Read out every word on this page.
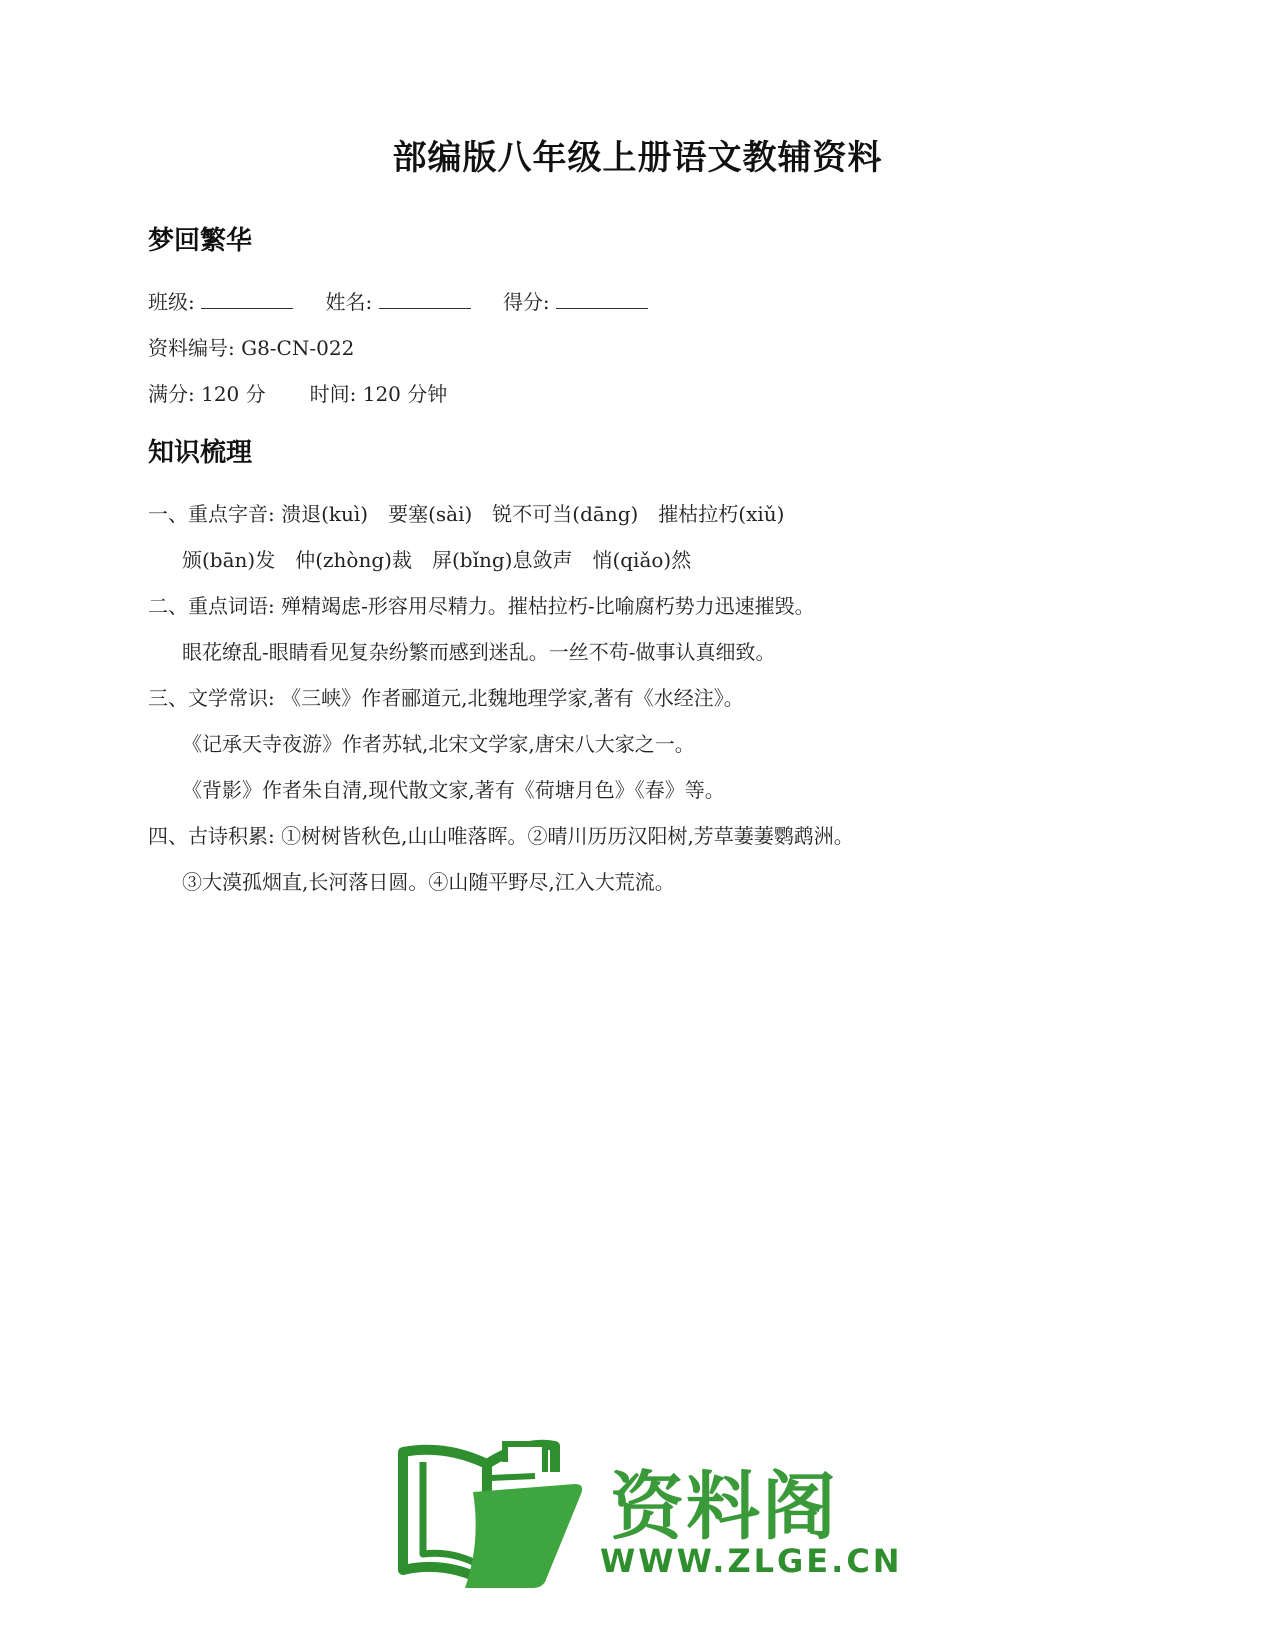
部编版八年级上册语文教辅资料
梦回繁华
班级:	姓名:	得分:
资料编号: G8-CN-022
满分: 120 分 时间: 120 分钟
知识梳理
一、重点字音: 溃退(kuì)　要塞(sài)　锐不可当(dāng)　摧枯拉朽(xiǔ)
颁(bān)发　仲(zhòng)裁　屏(bǐng)息敛声　悄(qiǎo)然
二、重点词语: 殚精竭虑-形容用尽精力。摧枯拉朽-比喻腐朽势力迅速摧毁。
眼花缭乱-眼睛看见复杂纷繁而感到迷乱。一丝不苟-做事认真细致。
三、文学常识: 《三峡》作者郦道元,北魏地理学家,著有《水经注》。
《记承天寺夜游》作者苏轼,北宋文学家,唐宋八大家之一。
《背影》作者朱自清,现代散文家,著有《荷塘月色》《春》等。
四、古诗积累: ①树树皆秋色,山山唯落晖。②晴川历历汉阳树,芳草萋萋鹦鹉洲。
③大漠孤烟直,长河落日圆。④山随平野尽,江入大荒流。
资料阁
WWW.ZLGE.CN
